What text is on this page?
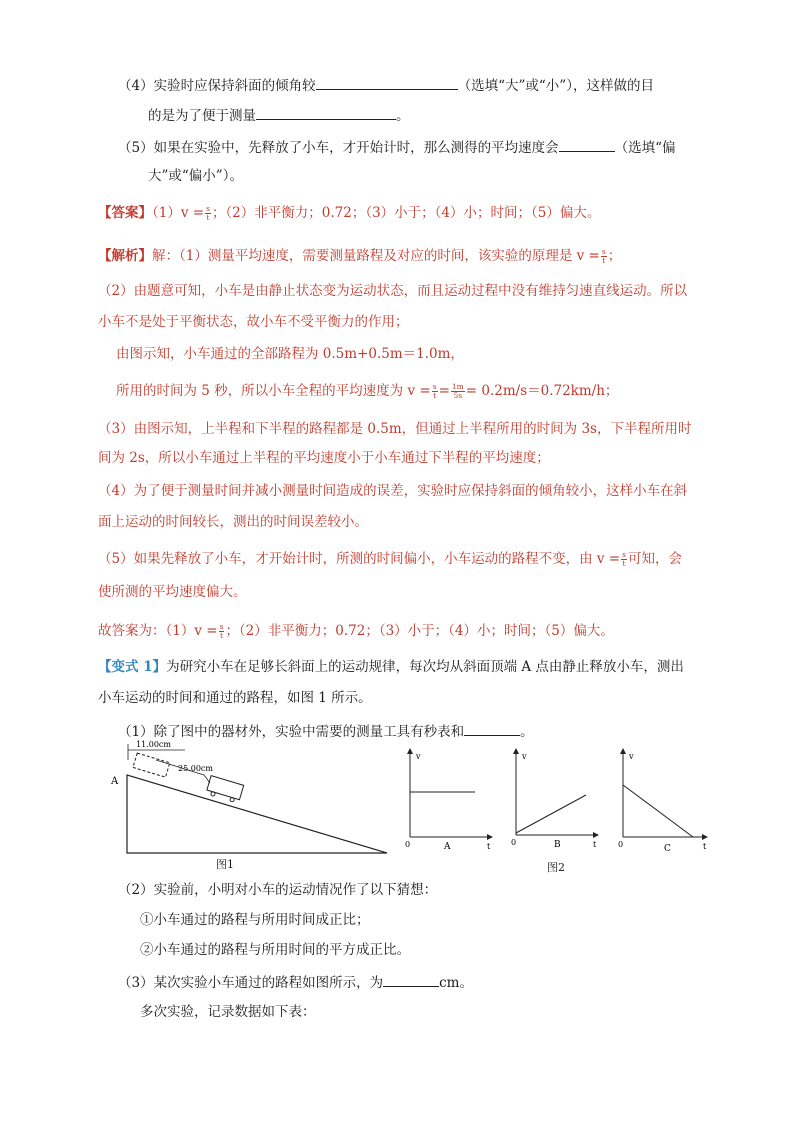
（4）实验时应保持斜面的倾角较	（选填“大”或“小”），这样做的目
的是为了便于测量	。
（5）如果在实验中，先释放了小车，才开始计时，那么测得的平均速度会	（选填“偏
大”或“偏小”）。
【答案】$(1)v = \frac{s}{t}$ ；（2）非平衡力；0.72；（3）小于；（4）小；时间；（5）偏大。
【解析】解：（1）测量平均速度，需要测量路程及对应的时间，该实验的原理是 $v = \frac{s}{t}$ ；
（2）由题意可知，小车是由静止状态变为运动状态，而且运动过程中没有维持匀速直线运动。所以
小车不是处于平衡状态，故小车不受平衡力的作用；
由图示知，小车通过的全部路程为 0.5m+0.5m＝1.0m，
所用的时间为 5 秒，所以小车全程的平均速度为 $v = \frac{s}{t} = \frac{1m}{5s} = 0.2m/s=0.72km/h$；
（3）由图示知，上半程和下半程的路程都是 0.5m，但通过上半程所用的时间为 3s，下半程所用时
间为 2s，所以小车通过上半程的平均速度小于小车通过下半程的平均速度；
（4）为了便于测量时间并减小测量时间造成的误差，实验时应保持斜面的倾角较小，这样小车在斜
面上运动的时间较长，测出的时间误差较小。
（5）如果先释放了小车，才开始计时，所测的时间偏小，小车运动的路程不变，由 $v = \frac{s}{t}$ 可知，会
使所测的平均速度偏大。
故答案为：$(1)v = \frac{s}{t}$ ；（2）非平衡力；0.72；（3）小于；（4）小；时间；（5）偏大。
【变式 1】为研究小车在足够长斜面上的运动规律，每次均从斜面顶端 A 点由静止释放小车，测出
小车运动的时间和通过的路程，如图 1 所示。
（1）除了图中的器材外，实验中需要的测量工具有秒表和	。
A
11.00cm
25.00cm
图1
v
t
0	A
v
t
0	B
v
t
0	C
图2
（2）实验前，小明对小车的运动情况作了以下猜想：
①小车通过的路程与所用时间成正比；
②小车通过的路程与所用时间的平方成正比。
（3）某次实验小车通过的路程如图所示，为	cm。
多次实验，记录数据如下表：
